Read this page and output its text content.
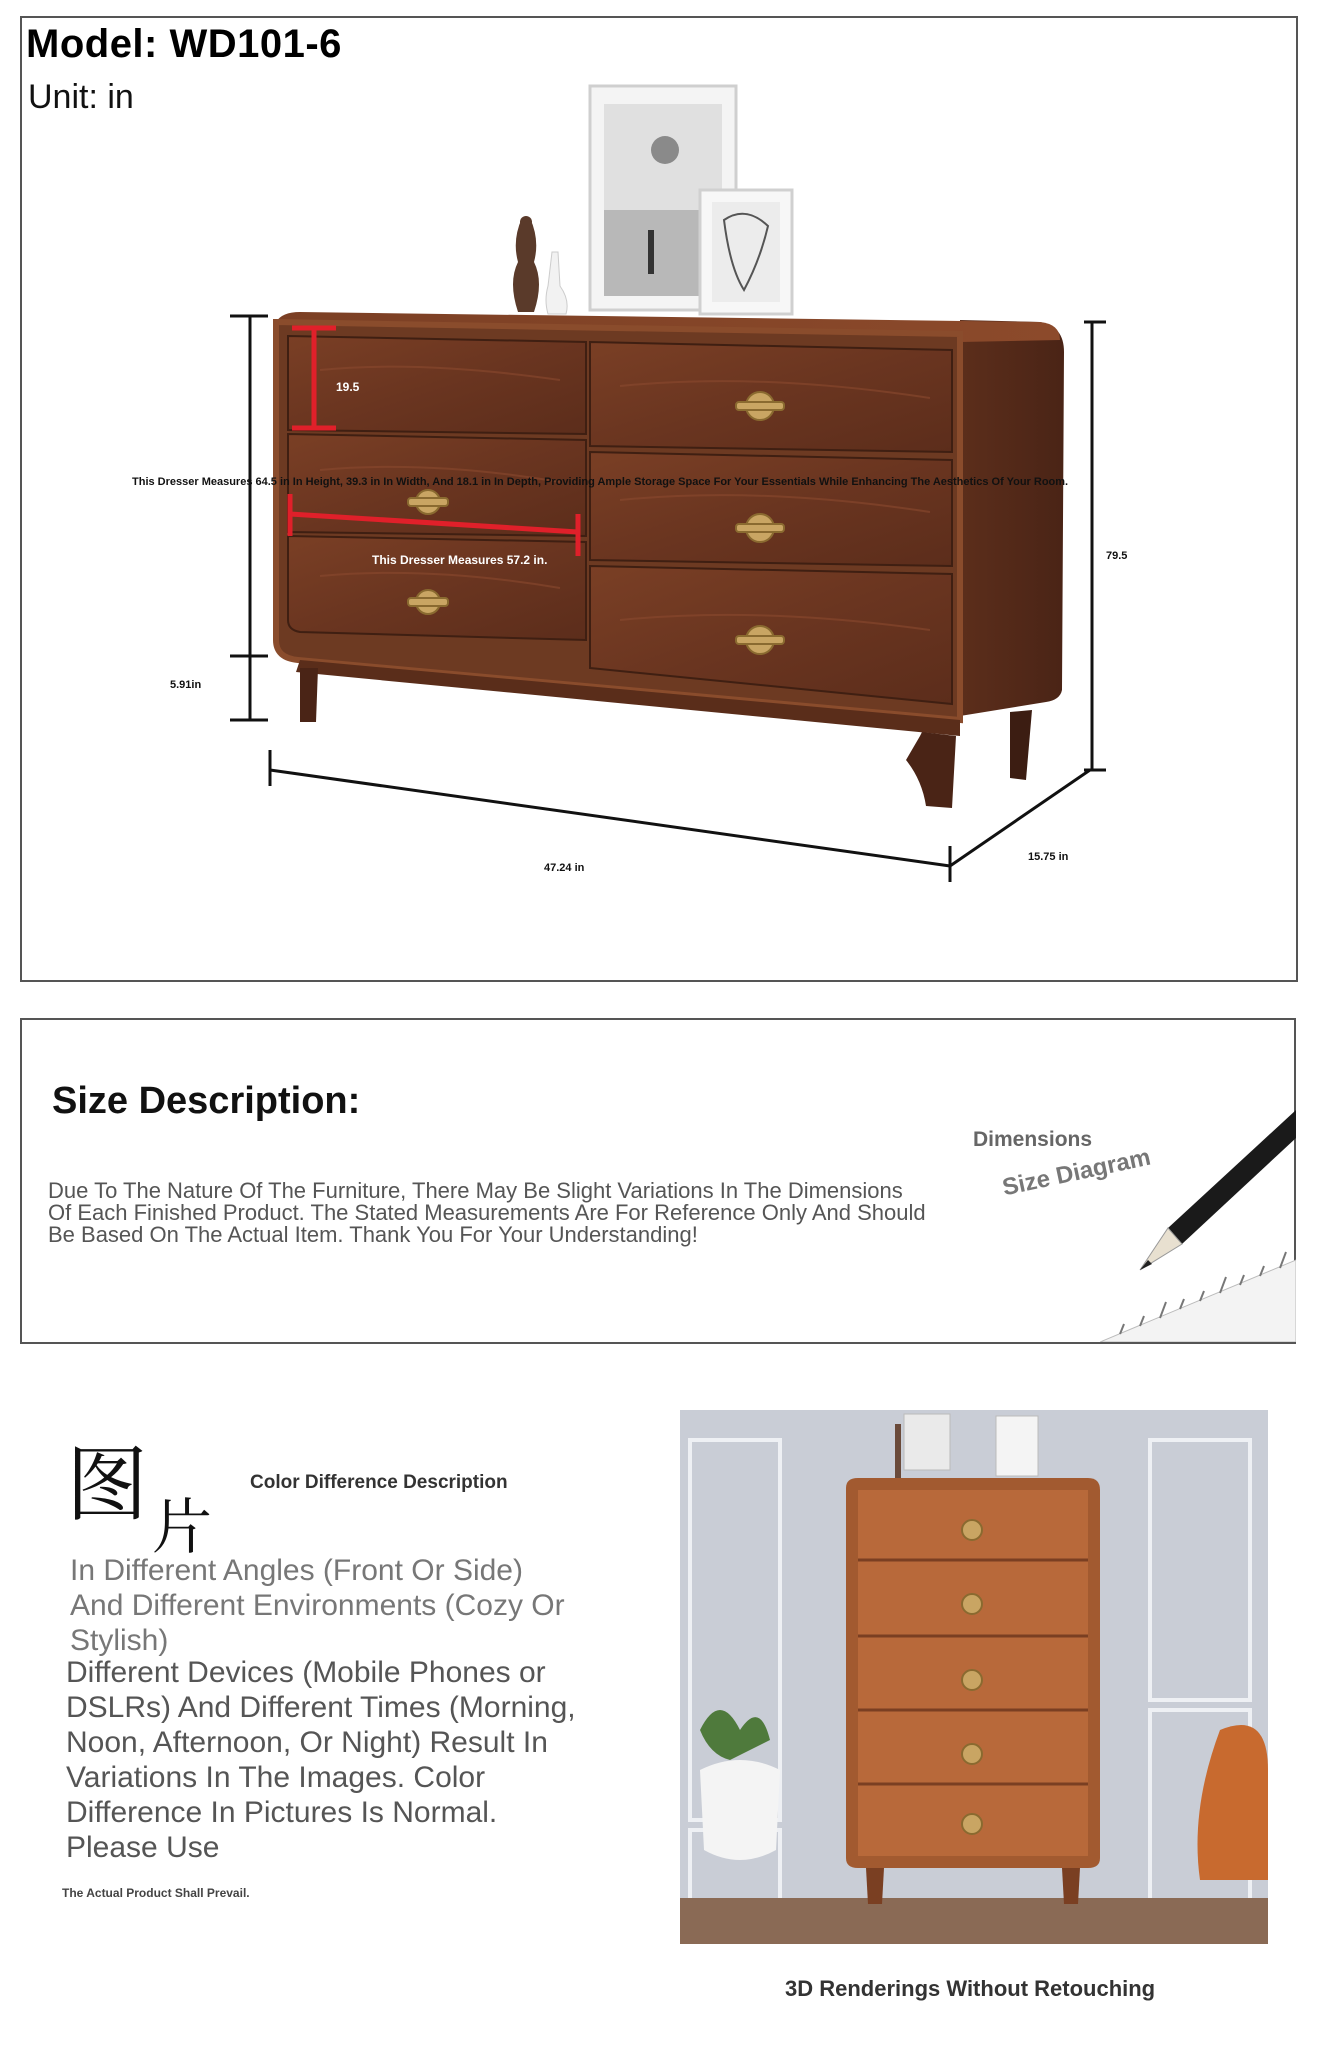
Model: WD101-6
Unit: in
19.5
This Dresser Measures 64.5 in In Height, 39.3 in In Width, And 18.1 in In Depth, Providing Ample Storage Space For Your Essentials While Enhancing The Aesthetics Of Your Room.
This Dresser Measures 57.2 in.
5.91in
79.5
47.24 in
15.75 in
Size Description:
Due To The Nature Of The Furniture, There May Be Slight Variations In The Dimensions Of Each Finished Product. The Stated Measurements Are For Reference Only And Should Be Based On The Actual Item. Thank You For Your Understanding!
Dimensions
Size Diagram
图 片
Color Difference Description
In Different Angles (Front Or Side) And Different Environments (Cozy Or Stylish)
Different Devices (Mobile Phones or DSLRs) And Different Times (Morning, Noon, Afternoon, Or Night) Result In Variations In The Images. Color Difference In Pictures Is Normal. Please Use
The Actual Product Shall Prevail.
3D Renderings Without Retouching
